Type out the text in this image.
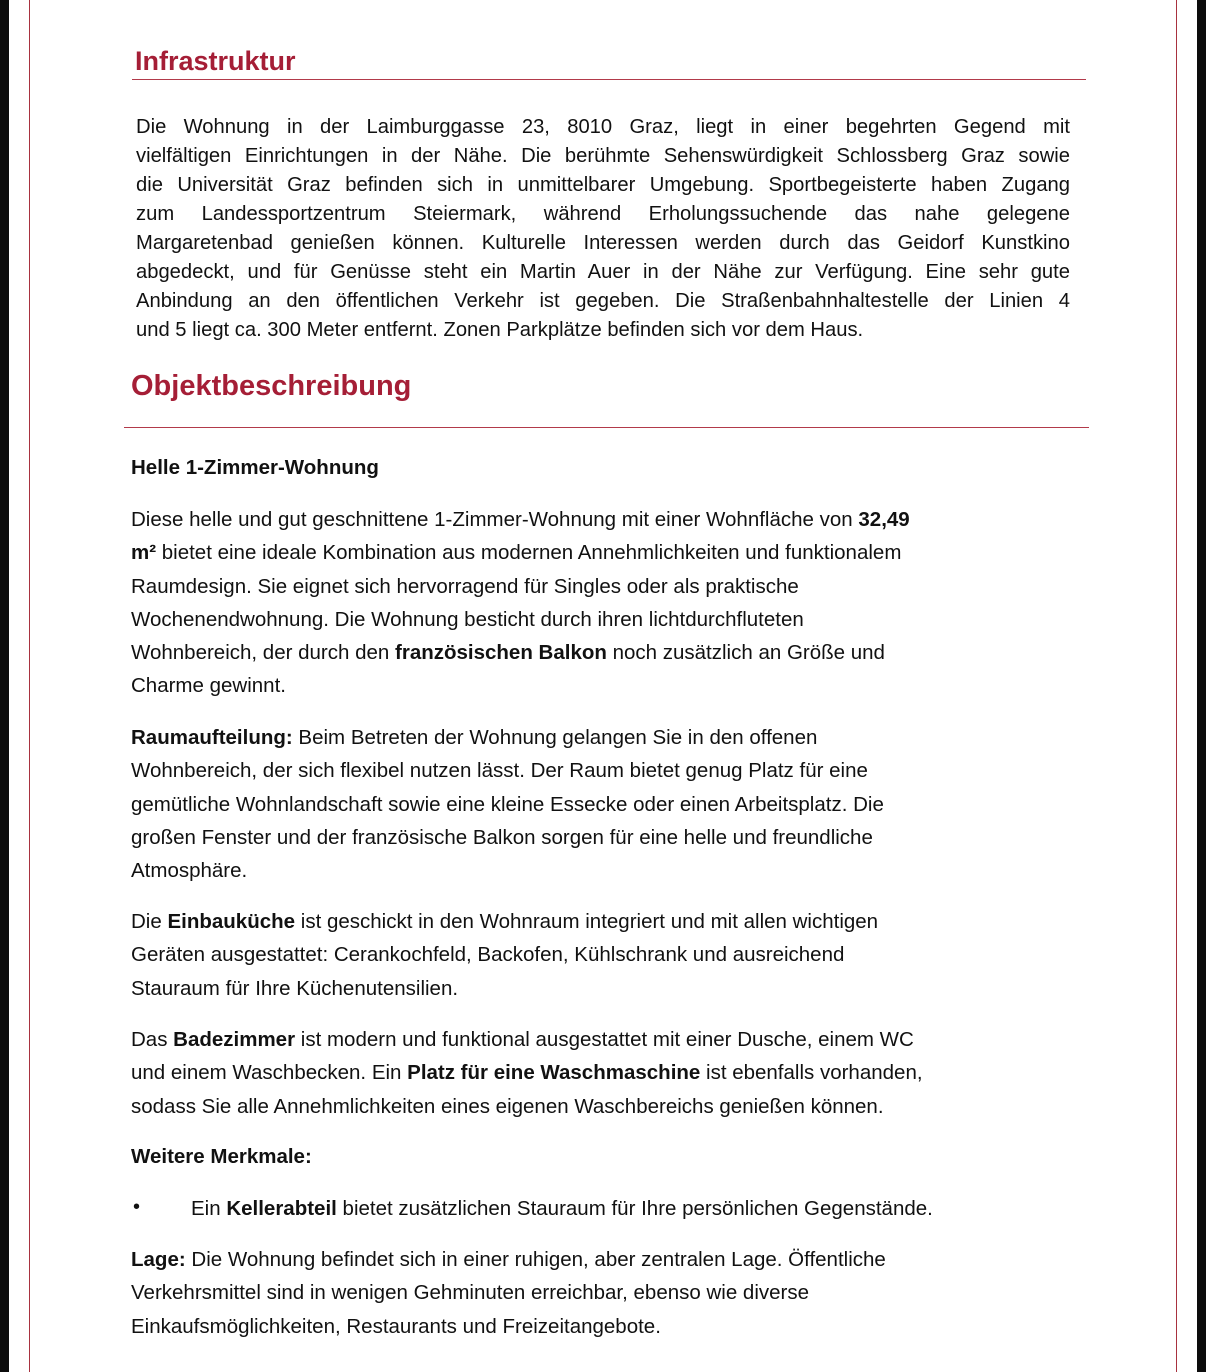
Infrastruktur
Die Wohnung in der Laimburggasse 23, 8010 Graz, liegt in einer begehrten Gegend mit
vielfältigen Einrichtungen in der Nähe. Die berühmte Sehenswürdigkeit Schlossberg Graz sowie
die Universität Graz befinden sich in unmittelbarer Umgebung. Sportbegeisterte haben Zugang
zum Landessportzentrum Steiermark, während Erholungssuchende das nahe gelegene
Margaretenbad genießen können. Kulturelle Interessen werden durch das Geidorf Kunstkino
abgedeckt, und für Genüsse steht ein Martin Auer in der Nähe zur Verfügung. Eine sehr gute
Anbindung an den öffentlichen Verkehr ist gegeben. Die Straßenbahnhaltestelle der Linien 4
und 5 liegt ca. 300 Meter entfernt. Zonen Parkplätze befinden sich vor dem Haus.
Objektbeschreibung

Helle 1-Zimmer-Wohnung

Diese helle und gut geschnittene 1-Zimmer-Wohnung mit einer Wohnfläche von 32,49
m² bietet eine ideale Kombination aus modernen Annehmlichkeiten und funktionalem
Raumdesign. Sie eignet sich hervorragend für Singles oder als praktische
Wochenendwohnung. Die Wohnung besticht durch ihren lichtdurchfluteten
Wohnbereich, der durch den französischen Balkon noch zusätzlich an Größe und
Charme gewinnt.

Raumaufteilung: Beim Betreten der Wohnung gelangen Sie in den offenen
Wohnbereich, der sich flexibel nutzen lässt. Der Raum bietet genug Platz für eine
gemütliche Wohnlandschaft sowie eine kleine Essecke oder einen Arbeitsplatz. Die
großen Fenster und der französische Balkon sorgen für eine helle und freundliche
Atmosphäre.

Die Einbauküche ist geschickt in den Wohnraum integriert und mit allen wichtigen
Geräten ausgestattet: Cerankochfeld, Backofen, Kühlschrank und ausreichend
Stauraum für Ihre Küchenutensilien.

Das Badezimmer ist modern und funktional ausgestattet mit einer Dusche, einem WC
und einem Waschbecken. Ein Platz für eine Waschmaschine ist ebenfalls vorhanden,
sodass Sie alle Annehmlichkeiten eines eigenen Waschbereichs genießen können.

Weitere Merkmale:

• Ein Kellerabteil bietet zusätzlichen Stauraum für Ihre persönlichen Gegenstände.

Lage: Die Wohnung befindet sich in einer ruhigen, aber zentralen Lage. Öffentliche
Verkehrsmittel sind in wenigen Gehminuten erreichbar, ebenso wie diverse
Einkaufsmöglichkeiten, Restaurants und Freizeitangebote.
